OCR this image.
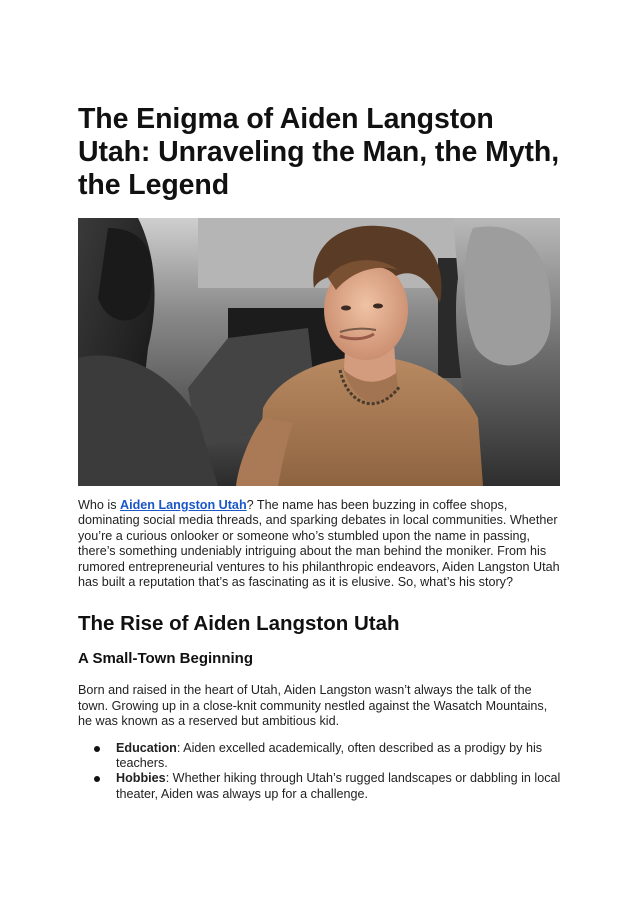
The Enigma of Aiden Langston Utah: Unraveling the Man, the Myth, the Legend

Who is Aiden Langston Utah? The name has been buzzing in coffee shops, dominating social media threads, and sparking debates in local communities. Whether you’re a curious onlooker or someone who’s stumbled upon the name in passing, there’s something undeniably intriguing about the man behind the moniker. From his rumored entrepreneurial ventures to his philanthropic endeavors, Aiden Langston Utah has built a reputation that’s as fascinating as it is elusive. So, what’s his story?

The Rise of Aiden Langston Utah
A Small-Town Beginning

Born and raised in the heart of Utah, Aiden Langston wasn’t always the talk of the town. Growing up in a close-knit community nestled against the Wasatch Mountains, he was known as a reserved but ambitious kid.

Education: Aiden excelled academically, often described as a prodigy by his teachers.
Hobbies: Whether hiking through Utah’s rugged landscapes or dabbling in local theater, Aiden was always up for a challenge.
